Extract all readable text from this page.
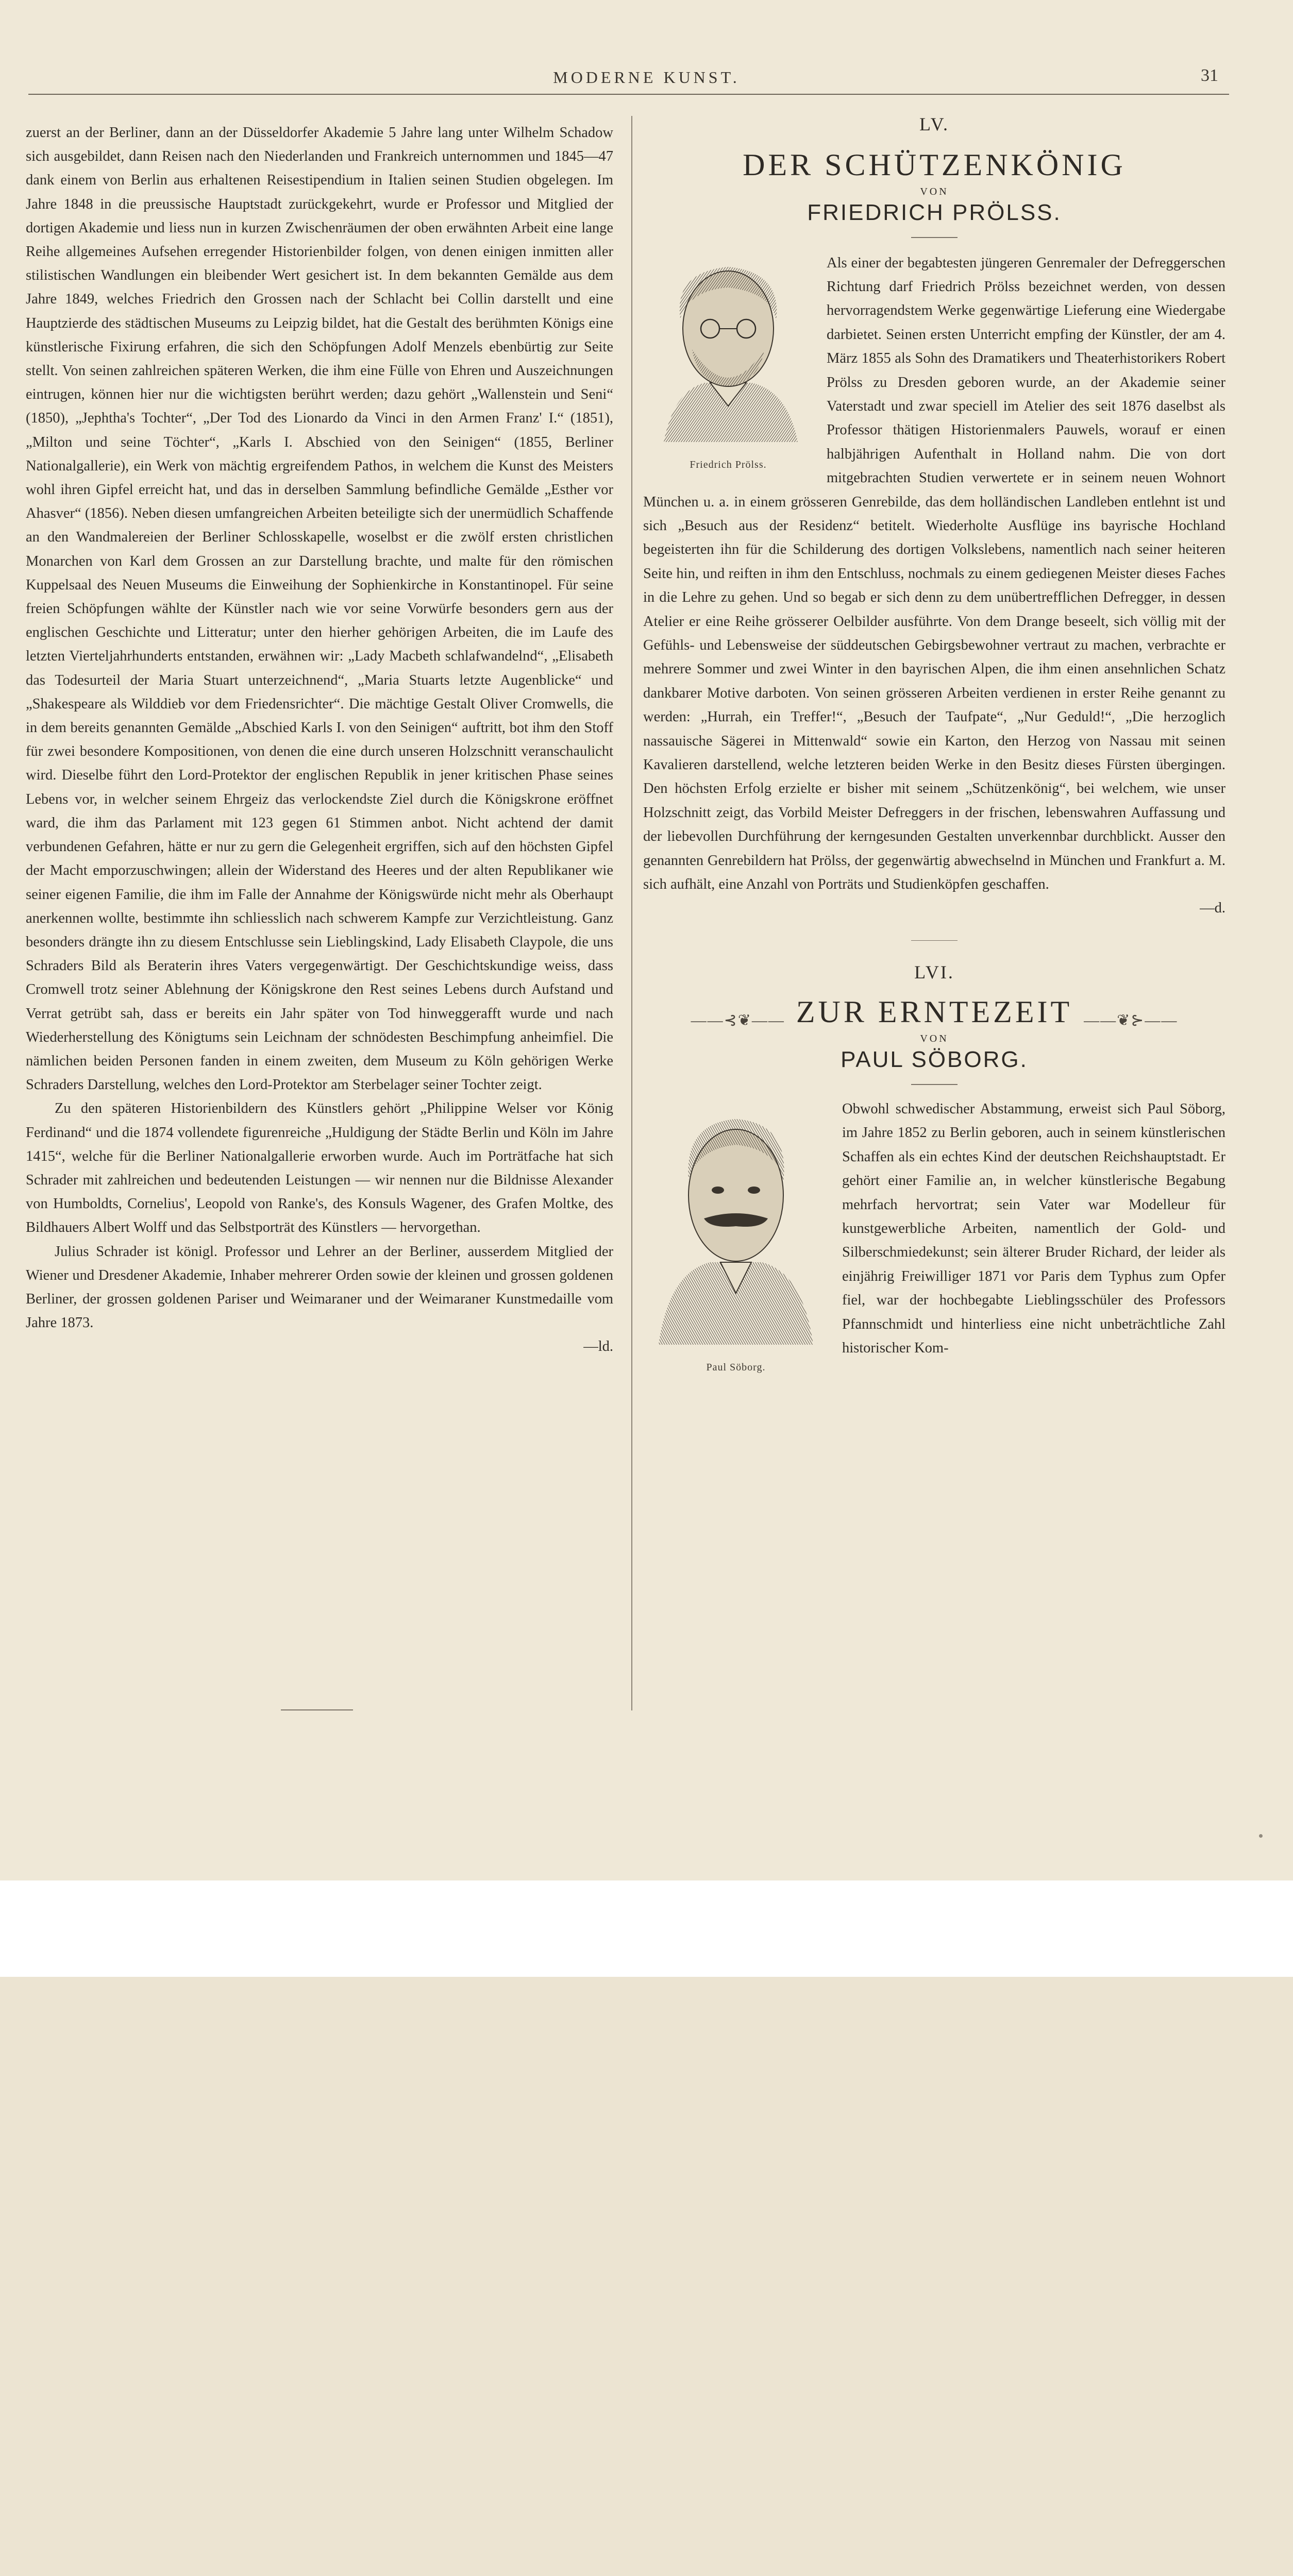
MODERNE KUNST.	31

zuerst an der Berliner, dann an der Düsseldorfer Akademie 5 Jahre lang unter Wilhelm Schadow sich ausgebildet, dann Reisen nach den Niederlanden und Frankreich unternommen und 1845—47 dank einem von Berlin aus erhaltenen Reisestipendium in Italien seinen Studien obgelegen. Im Jahre 1848 in die preussische Hauptstadt zurückgekehrt, wurde er Professor und Mitglied der dortigen Akademie und liess nun in kurzen Zwischenräumen der oben erwähnten Arbeit eine lange Reihe allgemeines Aufsehen erregender Historienbilder folgen, von denen einigen inmitten aller stilistischen Wandlungen ein bleibender Wert gesichert ist. In dem bekannten Gemälde aus dem Jahre 1849, welches Friedrich den Grossen nach der Schlacht bei Collin darstellt und eine Hauptzierde des städtischen Museums zu Leipzig bildet, hat die Gestalt des berühmten Königs eine künstlerische Fixirung erfahren, die sich den Schöpfungen Adolf Menzels ebenbürtig zur Seite stellt. Von seinen zahlreichen späteren Werken, die ihm eine Fülle von Ehren und Auszeichnungen eintrugen, können hier nur die wichtigsten berührt werden; dazu gehört „Wallenstein und Seni“ (1850), „Jephtha's Tochter“, „Der Tod des Lionardo da Vinci in den Armen Franz' I.“ (1851), „Milton und seine Töchter“, „Karls I. Abschied von den Seinigen“ (1855, Berliner Nationalgallerie), ein Werk von mächtig ergreifendem Pathos, in welchem die Kunst des Meisters wohl ihren Gipfel erreicht hat, und das in derselben Sammlung befindliche Gemälde „Esther vor Ahasver“ (1856). Neben diesen umfangreichen Arbeiten beteiligte sich der unermüdlich Schaffende an den Wandmalereien der Berliner Schlosskapelle, woselbst er die zwölf ersten christlichen Monarchen von Karl dem Grossen an zur Darstellung brachte, und malte für den römischen Kuppelsaal des Neuen Museums die Einweihung der Sophienkirche in Konstantinopel. Für seine freien Schöpfungen wählte der Künstler nach wie vor seine Vorwürfe besonders gern aus der englischen Geschichte und Litteratur; unter den hierher gehörigen Arbeiten, die im Laufe des letzten Vierteljahrhunderts entstanden, erwähnen wir: „Lady Macbeth schlafwandelnd“, „Elisabeth das Todesurteil der Maria Stuart unterzeichnend“, „Maria Stuarts letzte Augenblicke“ und „Shakespeare als Wilddieb vor dem Friedensrichter“. Die mächtige Gestalt Oliver Cromwells, die in dem bereits genannten Gemälde „Abschied Karls I. von den Seinigen“ auftritt, bot ihm den Stoff für zwei besondere Kompositionen, von denen die eine durch unseren Holzschnitt veranschaulicht wird. Dieselbe führt den Lord-Protektor der englischen Republik in jener kritischen Phase seines Lebens vor, in welcher seinem Ehrgeiz das verlockendste Ziel durch die Königskrone eröffnet ward, die ihm das Parlament mit 123 gegen 61 Stimmen anbot. Nicht achtend der damit verbundenen Gefahren, hätte er nur zu gern die Gelegenheit ergriffen, sich auf den höchsten Gipfel der Macht emporzuschwingen; allein der Widerstand des Heeres und der alten Republikaner wie seiner eigenen Familie, die ihm im Falle der Annahme der Königswürde nicht mehr als Oberhaupt anerkennen wollte, bestimmte ihn schliesslich nach schwerem Kampfe zur Verzichtleistung. Ganz besonders drängte ihn zu diesem Entschlusse sein Lieblingskind, Lady Elisabeth Claypole, die uns Schraders Bild als Beraterin ihres Vaters vergegenwärtigt. Der Geschichtskundige weiss, dass Cromwell trotz seiner Ablehnung der Königskrone den Rest seines Lebens durch Aufstand und Verrat getrübt sah, dass er bereits ein Jahr später von Tod hinweggerafft wurde und nach Wiederherstellung des Königtums sein Leichnam der schnödesten Beschimpfung anheimfiel. Die nämlichen beiden Personen fanden in einem zweiten, dem Museum zu Köln gehörigen Werke Schraders Darstellung, welches den Lord-Protektor am Sterbelager seiner Tochter zeigt.

Zu den späteren Historienbildern des Künstlers gehört „Philippine Welser vor König Ferdinand“ und die 1874 vollendete figurenreiche „Huldigung der Städte Berlin und Köln im Jahre 1415“, welche für die Berliner Nationalgallerie erworben wurde. Auch im Porträtfache hat sich Schrader mit zahlreichen und bedeutenden Leistungen — wir nennen nur die Bildnisse Alexander von Humboldts, Cornelius', Leopold von Ranke's, des Konsuls Wagener, des Grafen Moltke, des Bildhauers Albert Wolff und das Selbstporträt des Künstlers — hervorgethan.

Julius Schrader ist königl. Professor und Lehrer an der Berliner, ausserdem Mitglied der Wiener und Dresdener Akademie, Inhaber mehrerer Orden sowie der kleinen und grossen goldenen Berliner, der grossen goldenen Pariser und Weimaraner und der Weimaraner Kunstmedaille vom Jahre 1873.

—ld.

LV.
DER SCHÜTZENKÖNIG
VON
FRIEDRICH PRÖLSS.
Friedrich Prölss.

Als einer der begabtesten jüngeren Genremaler der Defreggerschen Richtung darf Friedrich Prölss bezeichnet werden, von dessen hervorragendstem Werke gegenwärtige Lieferung eine Wiedergabe darbietet. Seinen ersten Unterricht empfing der Künstler, der am 4. März 1855 als Sohn des Dramatikers und Theaterhistorikers Robert Prölss zu Dresden geboren wurde, an der Akademie seiner Vaterstadt und zwar speciell im Atelier des seit 1876 daselbst als Professor thätigen Historienmalers Pauwels, worauf er einen halbjährigen Aufenthalt in Holland nahm. Die von dort mitgebrachten Studien verwertete er in seinem neuen Wohnort München u. a. in einem grösseren Genrebilde, das dem holländischen Landleben entlehnt ist und sich „Besuch aus der Residenz“ betitelt. Wiederholte Ausflüge ins bayrische Hochland begeisterten ihn für die Schilderung des dortigen Volkslebens, namentlich nach seiner heiteren Seite hin, und reiften in ihm den Entschluss, nochmals zu einem gediegenen Meister dieses Faches in die Lehre zu gehen. Und so begab er sich denn zu dem unübertrefflichen Defregger, in dessen Atelier er eine Reihe grösserer Oelbilder ausführte. Von dem Drange beseelt, sich völlig mit der Gefühls- und Lebensweise der süddeutschen Gebirgsbewohner vertraut zu machen, verbrachte er mehrere Sommer und zwei Winter in den bayrischen Alpen, die ihm einen ansehnlichen Schatz dankbarer Motive darboten. Von seinen grösseren Arbeiten verdienen in erster Reihe genannt zu werden: „Hurrah, ein Treffer!“, „Besuch der Taufpate“, „Nur Geduld!“, „Die herzoglich nassauische Sägerei in Mittenwald“ sowie ein Karton, den Herzog von Nassau mit seinen Kavalieren darstellend, welche letzteren beiden Werke in den Besitz dieses Fürsten übergingen. Den höchsten Erfolg erzielte er bisher mit seinem „Schützenkönig“, bei welchem, wie unser Holzschnitt zeigt, das Vorbild Meister Defreggers in der frischen, lebenswahren Auffassung und der liebevollen Durchführung der kerngesunden Gestalten unverkennbar durchblickt. Ausser den genannten Genrebildern hat Prölss, der gegenwärtig abwechselnd in München und Frankfurt a. M. sich aufhält, eine Anzahl von Porträts und Studienköpfen geschaffen.

—d.

LVI.
——⊰❦—— ZUR ERNTEZEIT ——❦⊱——
VON
PAUL SÖBORG.
Paul Söborg.

Obwohl schwedischer Abstammung, erweist sich Paul Söborg, im Jahre 1852 zu Berlin geboren, auch in seinem künstlerischen Schaffen als ein echtes Kind der deutschen Reichshauptstadt. Er gehört einer Familie an, in welcher künstlerische Begabung mehrfach hervortrat; sein Vater war Modelleur für kunstgewerbliche Arbeiten, namentlich der Gold- und Silberschmiedekunst; sein älterer Bruder Richard, der leider als einjährig Freiwilliger 1871 vor Paris dem Typhus zum Opfer fiel, war der hochbegabte Lieblingsschüler des Professors Pfannschmidt und hinterliess eine nicht unbeträchtliche Zahl historischer Kom-
